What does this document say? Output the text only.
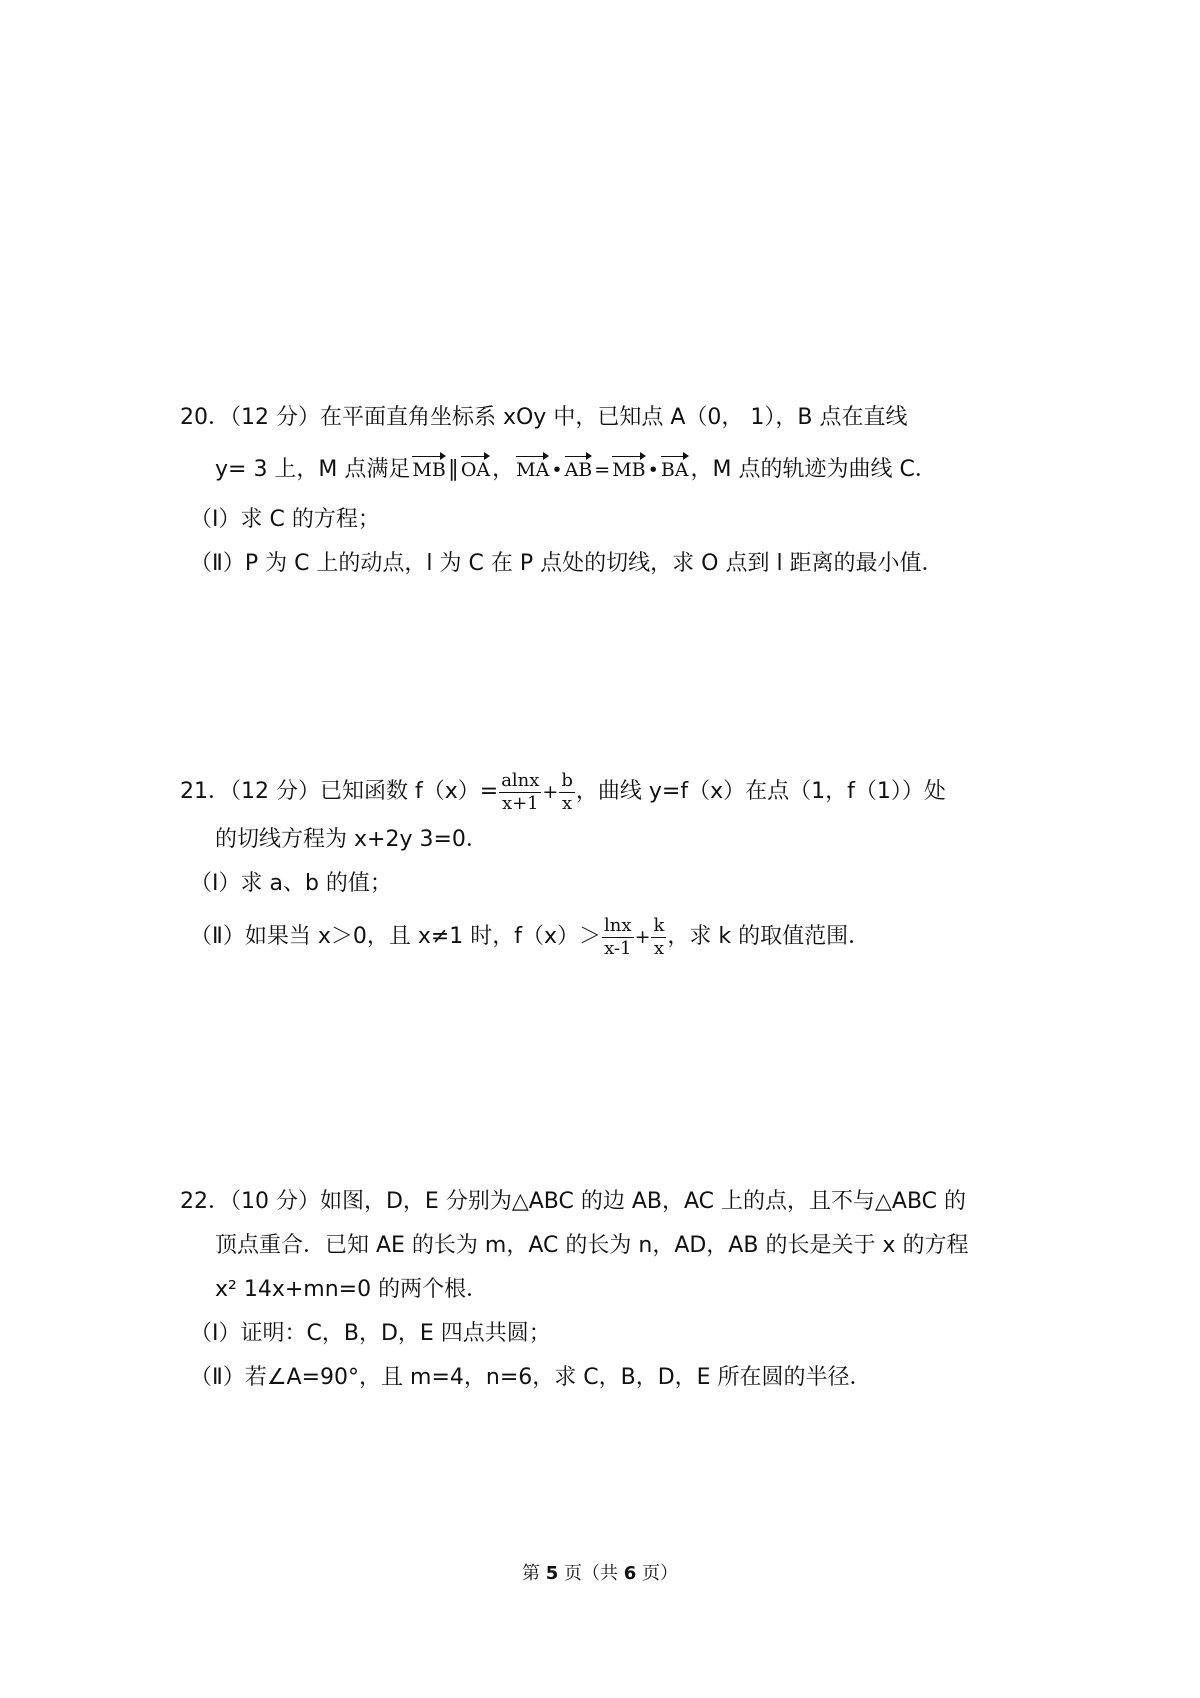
20．（12 分）在平面直角坐标系 xOy 中，已知点 A（0， 1），B 点在直线
y= 3 上，M 点满足 MB∥ OA， MA • AB = MB • BA，M 点的轨迹为曲线 C．
（Ⅰ）求 C 的方程；
（Ⅱ）P 为 C 上的动点，l 为 C 在 P 点处的切线，求 O 点到 l 距离的最小值．
21．（12 分）已知函数 $f(x)= \frac{alnx}{x+1} + \frac{b}{x}$ ，曲线 y=f（x）在点（1，f（1））处
的切线方程为 x+2y 3=0．
（Ⅰ）求 a、b 的值；
（Ⅱ）如果当 x＞0，且 x≠1 时，$f(x)> \frac{\ln x}{x-1} + \frac{k}{x}$ ，求 k 的取值范围．
22．（10 分）如图，D，E 分别为△ABC 的边 AB，AC 上的点，且不与△ABC 的
顶点重合．已知 AE 的长为 m，AC 的长为 n，AD，AB 的长是关于 x 的方程
x² 14x+mn=0 的两个根．
（Ⅰ）证明：C，B，D，E 四点共圆；
（Ⅱ）若∠A=90°，且 m=4，n=6，求 C，B，D，E 所在圆的半径．
第 5 页（共 6 页）
